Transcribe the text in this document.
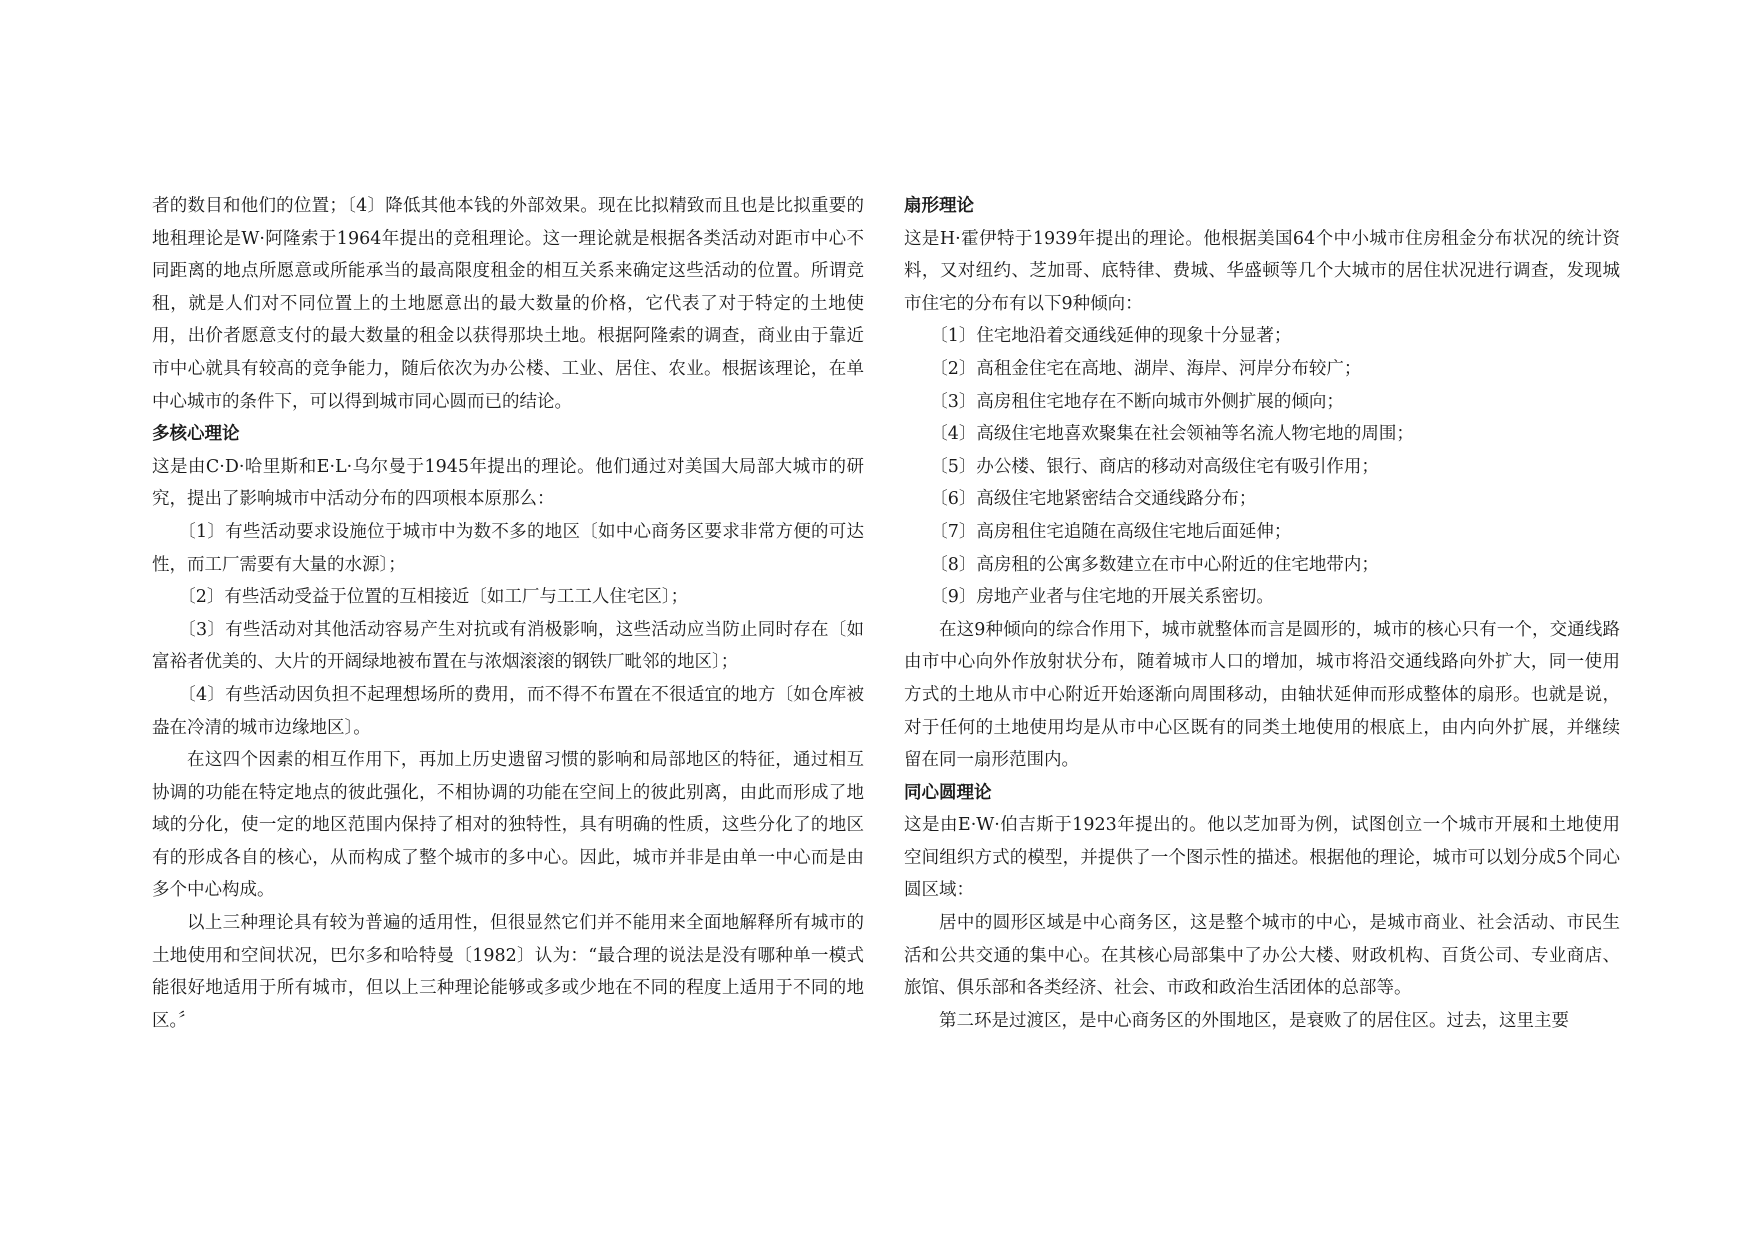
者的数目和他们的位置；〔4〕降低其他本钱的外部效果。现在比拟精致而且也是比拟重要的地租理论是W·阿隆索于1964年提出的竞租理论。这一理论就是根据各类活动对距市中心不同距离的地点所愿意或所能承当的最高限度租金的相互关系来确定这些活动的位置。所谓竞租，就是人们对不同位置上的土地愿意出的最大数量的价格，它代表了对于特定的土地使用，出价者愿意支付的最大数量的租金以获得那块土地。根据阿隆索的调查，商业由于靠近市中心就具有较高的竞争能力，随后依次为办公楼、工业、居住、农业。根据该理论，在单中心城市的条件下，可以得到城市同心圆而已的结论。

多核心理论

这是由C·D·哈里斯和E·L·乌尔曼于1945年提出的理论。他们通过对美国大局部大城市的研究，提出了影响城市中活动分布的四项根本原那么：

〔1〕有些活动要求设施位于城市中为数不多的地区〔如中心商务区要求非常方便的可达性，而工厂需要有大量的水源〕；

〔2〕有些活动受益于位置的互相接近〔如工厂与工工人住宅区〕；

〔3〕有些活动对其他活动容易产生对抗或有消极影响，这些活动应当防止同时存在〔如富裕者优美的、大片的开阔绿地被布置在与浓烟滚滚的钢铁厂毗邻的地区〕；

〔4〕有些活动因负担不起理想场所的费用，而不得不布置在不很适宜的地方〔如仓库被盎在冷清的城市边缘地区〕。

在这四个因素的相互作用下，再加上历史遗留习惯的影响和局部地区的特征，通过相互协调的功能在特定地点的彼此强化，不相协调的功能在空间上的彼此别离，由此而形成了地域的分化，使一定的地区范围内保持了相对的独特性，具有明确的性质，这些分化了的地区有的形成各自的核心，从而构成了整个城市的多中心。因此，城市并非是由单一中心而是由多个中心构成。

以上三种理论具有较为普遍的适用性，但很显然它们并不能用来全面地解释所有城市的土地使用和空间状况，巴尔多和哈特曼〔1982〕认为：“最合理的说法是没有哪种单一模式能很好地适用于所有城市，但以上三种理论能够或多或少地在不同的程度上适用于不同的地区。〞

扇形理论

这是H·霍伊特于1939年提出的理论。他根据美国64个中小城市住房租金分布状况的统计资料，又对纽约、芝加哥、底特律、费城、华盛顿等几个大城市的居住状况进行调查，发现城市住宅的分布有以下9种倾向：

〔1〕住宅地沿着交通线延伸的现象十分显著；

〔2〕高租金住宅在高地、湖岸、海岸、河岸分布较广；

〔3〕高房租住宅地存在不断向城市外侧扩展的倾向；

〔4〕高级住宅地喜欢聚集在社会领袖等名流人物宅地的周围；

〔5〕办公楼、银行、商店的移动对高级住宅有吸引作用；

〔6〕高级住宅地紧密结合交通线路分布；

〔7〕高房租住宅追随在高级住宅地后面延伸；

〔8〕高房租的公寓多数建立在市中心附近的住宅地带内；

〔9〕房地产业者与住宅地的开展关系密切。

在这9种倾向的综合作用下，城市就整体而言是圆形的，城市的核心只有一个，交通线路由市中心向外作放射状分布，随着城市人口的增加，城市将沿交通线路向外扩大，同一使用方式的土地从市中心附近开始逐渐向周围移动，由轴状延伸而形成整体的扇形。也就是说，对于任何的土地使用均是从市中心区既有的同类土地使用的根底上，由内向外扩展，并继续留在同一扇形范围内。

同心圆理论

这是由E·W·伯吉斯于1923年提出的。他以芝加哥为例，试图创立一个城市开展和土地使用空间组织方式的模型，并提供了一个图示性的描述。根据他的理论，城市可以划分成5个同心圆区域：

居中的圆形区域是中心商务区，这是整个城市的中心，是城市商业、社会活动、市民生活和公共交通的集中心。在其核心局部集中了办公大楼、财政机构、百货公司、专业商店、旅馆、俱乐部和各类经济、社会、市政和政治生活团体的总部等。

第二环是过渡区，是中心商务区的外围地区，是衰败了的居住区。过去，这里主要
